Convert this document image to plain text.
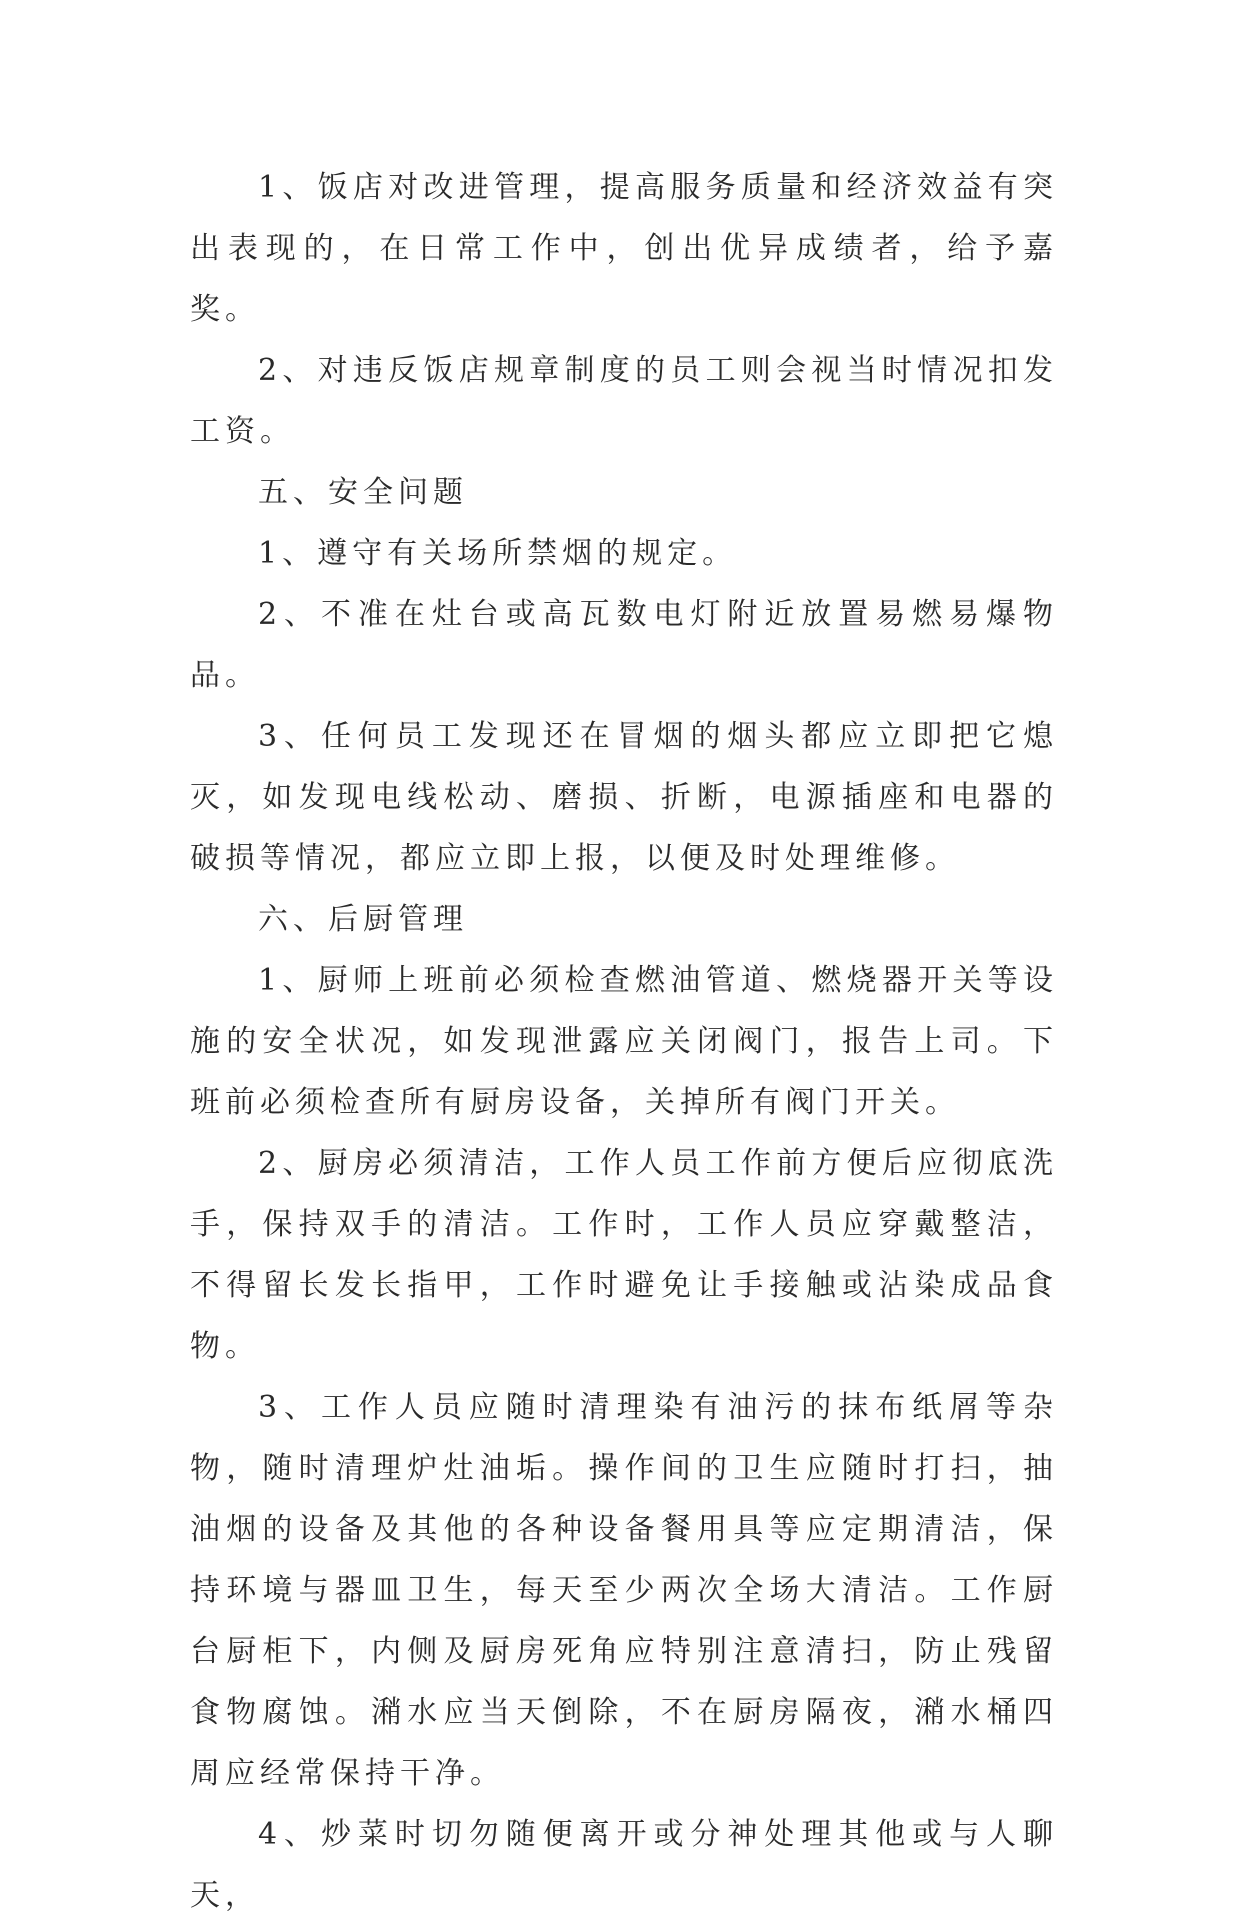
1、饭店对改进管理，提高服务质量和经济效益有突出表现的，在日常工作中，创出优异成绩者，给予嘉奖。

2、对违反饭店规章制度的员工则会视当时情况扣发工资。

五、安全问题

1、遵守有关场所禁烟的规定。

2、不准在灶台或高瓦数电灯附近放置易燃易爆物品。

3、任何员工发现还在冒烟的烟头都应立即把它熄灭，如发现电线松动、磨损、折断，电源插座和电器的破损等情况，都应立即上报，以便及时处理维修。

六、后厨管理

1、厨师上班前必须检查燃油管道、燃烧器开关等设施的安全状况，如发现泄露应关闭阀门，报告上司。下班前必须检查所有厨房设备，关掉所有阀门开关。

2、厨房必须清洁，工作人员工作前方便后应彻底洗手，保持双手的清洁。工作时，工作人员应穿戴整洁，不得留长发长指甲，工作时避免让手接触或沾染成品食物。

3、工作人员应随时清理染有油污的抹布纸屑等杂物，随时清理炉灶油垢。操作间的卫生应随时打扫，抽油烟的设备及其他的各种设备餐用具等应定期清洁，保持环境与器皿卫生，每天至少两次全场大清洁。工作厨台厨柜下，内侧及厨房死角应特别注意清扫，防止残留食物腐蚀。潲水应当天倒除，不在厨房隔夜，潲水桶四周应经常保持干净。

4、炒菜时切勿随便离开或分神处理其他或与人聊天，
